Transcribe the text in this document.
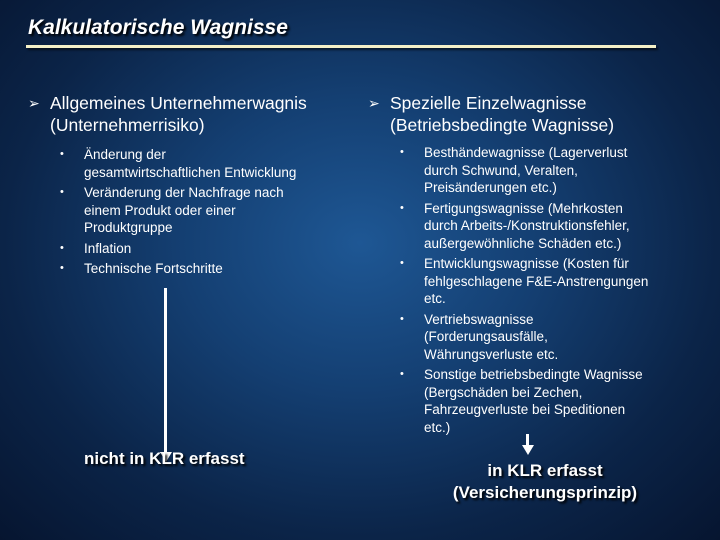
Kalkulatorische Wagnisse
➢ Allgemeines Unternehmerwagnis
(Unternehmerrisiko)
• Änderung der
gesamtwirtschaftlichen Entwicklung
• Veränderung der Nachfrage nach
einem Produkt oder einer
Produktgruppe
• Inflation
• Technische Fortschritte
➢ Spezielle Einzelwagnisse
(Betriebsbedingte Wagnisse)
• Besthändewagnisse (Lagerverlust
durch Schwund, Veralten,
Preisänderungen etc.)
• Fertigungswagnisse (Mehrkosten
durch Arbeits-/Konstruktionsfehler,
außergewöhnliche Schäden etc.)
• Entwicklungswagnisse (Kosten für
fehlgeschlagene F&E-Anstrengungen
etc.
• Vertriebswagnisse
(Forderungsausfälle,
Währungsverluste etc.
• Sonstige betriebsbedingte Wagnisse
(Bergschäden bei Zechen,
Fahrzeugverluste bei Speditionen
etc.)
nicht in KLR erfasst
in KLR erfasst
(Versicherungsprinzip)
